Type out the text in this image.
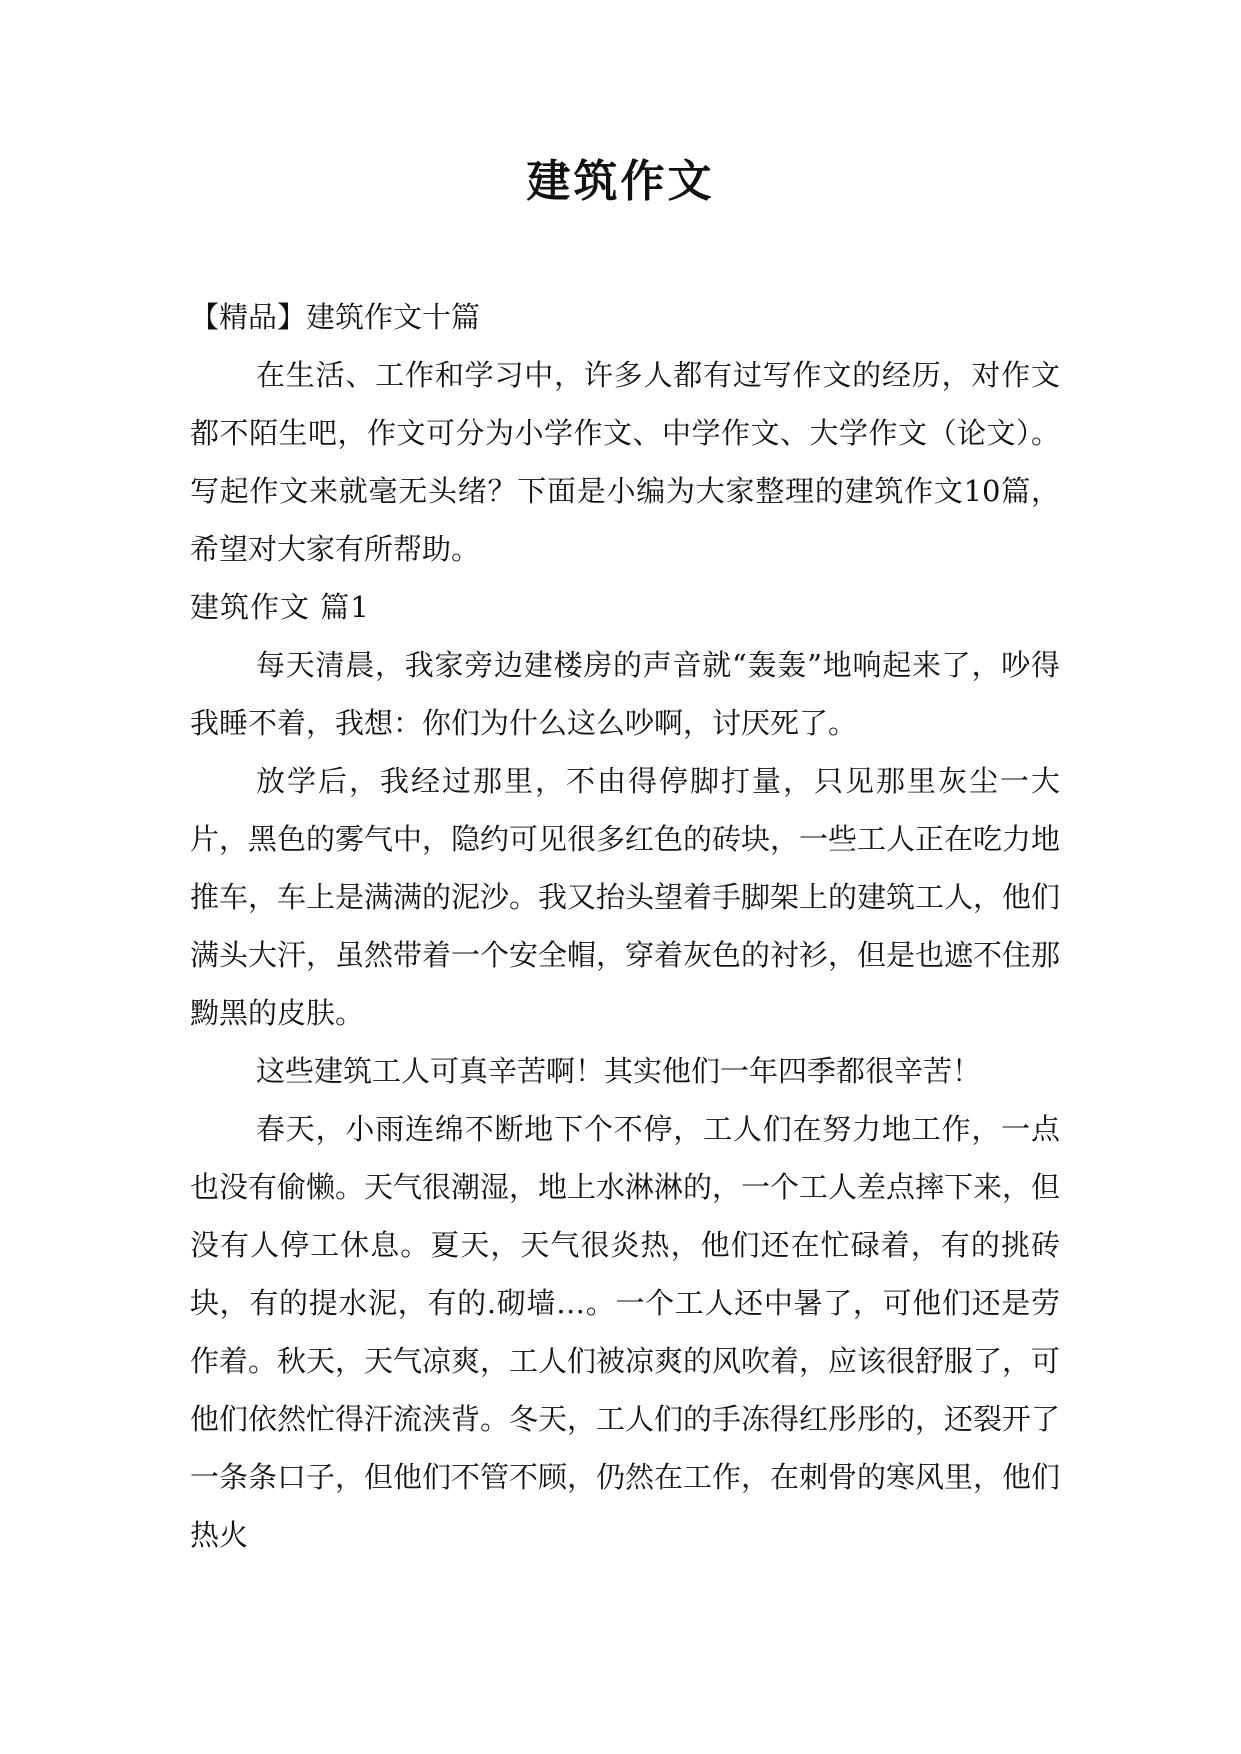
建筑作文

【精品】建筑作文十篇

在生活、工作和学习中，许多人都有过写作文的经历，对作文都不陌生吧，作文可分为小学作文、中学作文、大学作文（论文）。写起作文来就毫无头绪？下面是小编为大家整理的建筑作文10篇，希望对大家有所帮助。

建筑作文 篇1

每天清晨，我家旁边建楼房的声音就“轰轰”地响起来了，吵得我睡不着，我想：你们为什么这么吵啊，讨厌死了。

放学后，我经过那里，不由得停脚打量，只见那里灰尘一大片，黑色的雾气中，隐约可见很多红色的砖块，一些工人正在吃力地推车，车上是满满的泥沙。我又抬头望着手脚架上的建筑工人，他们满头大汗，虽然带着一个安全帽，穿着灰色的衬衫，但是也遮不住那黝黑的皮肤。

这些建筑工人可真辛苦啊！其实他们一年四季都很辛苦！

春天，小雨连绵不断地下个不停，工人们在努力地工作，一点也没有偷懒。天气很潮湿，地上水淋淋的，一个工人差点摔下来，但没有人停工休息。夏天，天气很炎热，他们还在忙碌着，有的挑砖块，有的提水泥，有的.砌墙…。一个工人还中暑了，可他们还是劳作着。秋天，天气凉爽，工人们被凉爽的风吹着，应该很舒服了，可他们依然忙得汗流浃背。冬天，工人们的手冻得红彤彤的，还裂开了一条条口子，但他们不管不顾，仍然在工作，在刺骨的寒风里，他们热火
